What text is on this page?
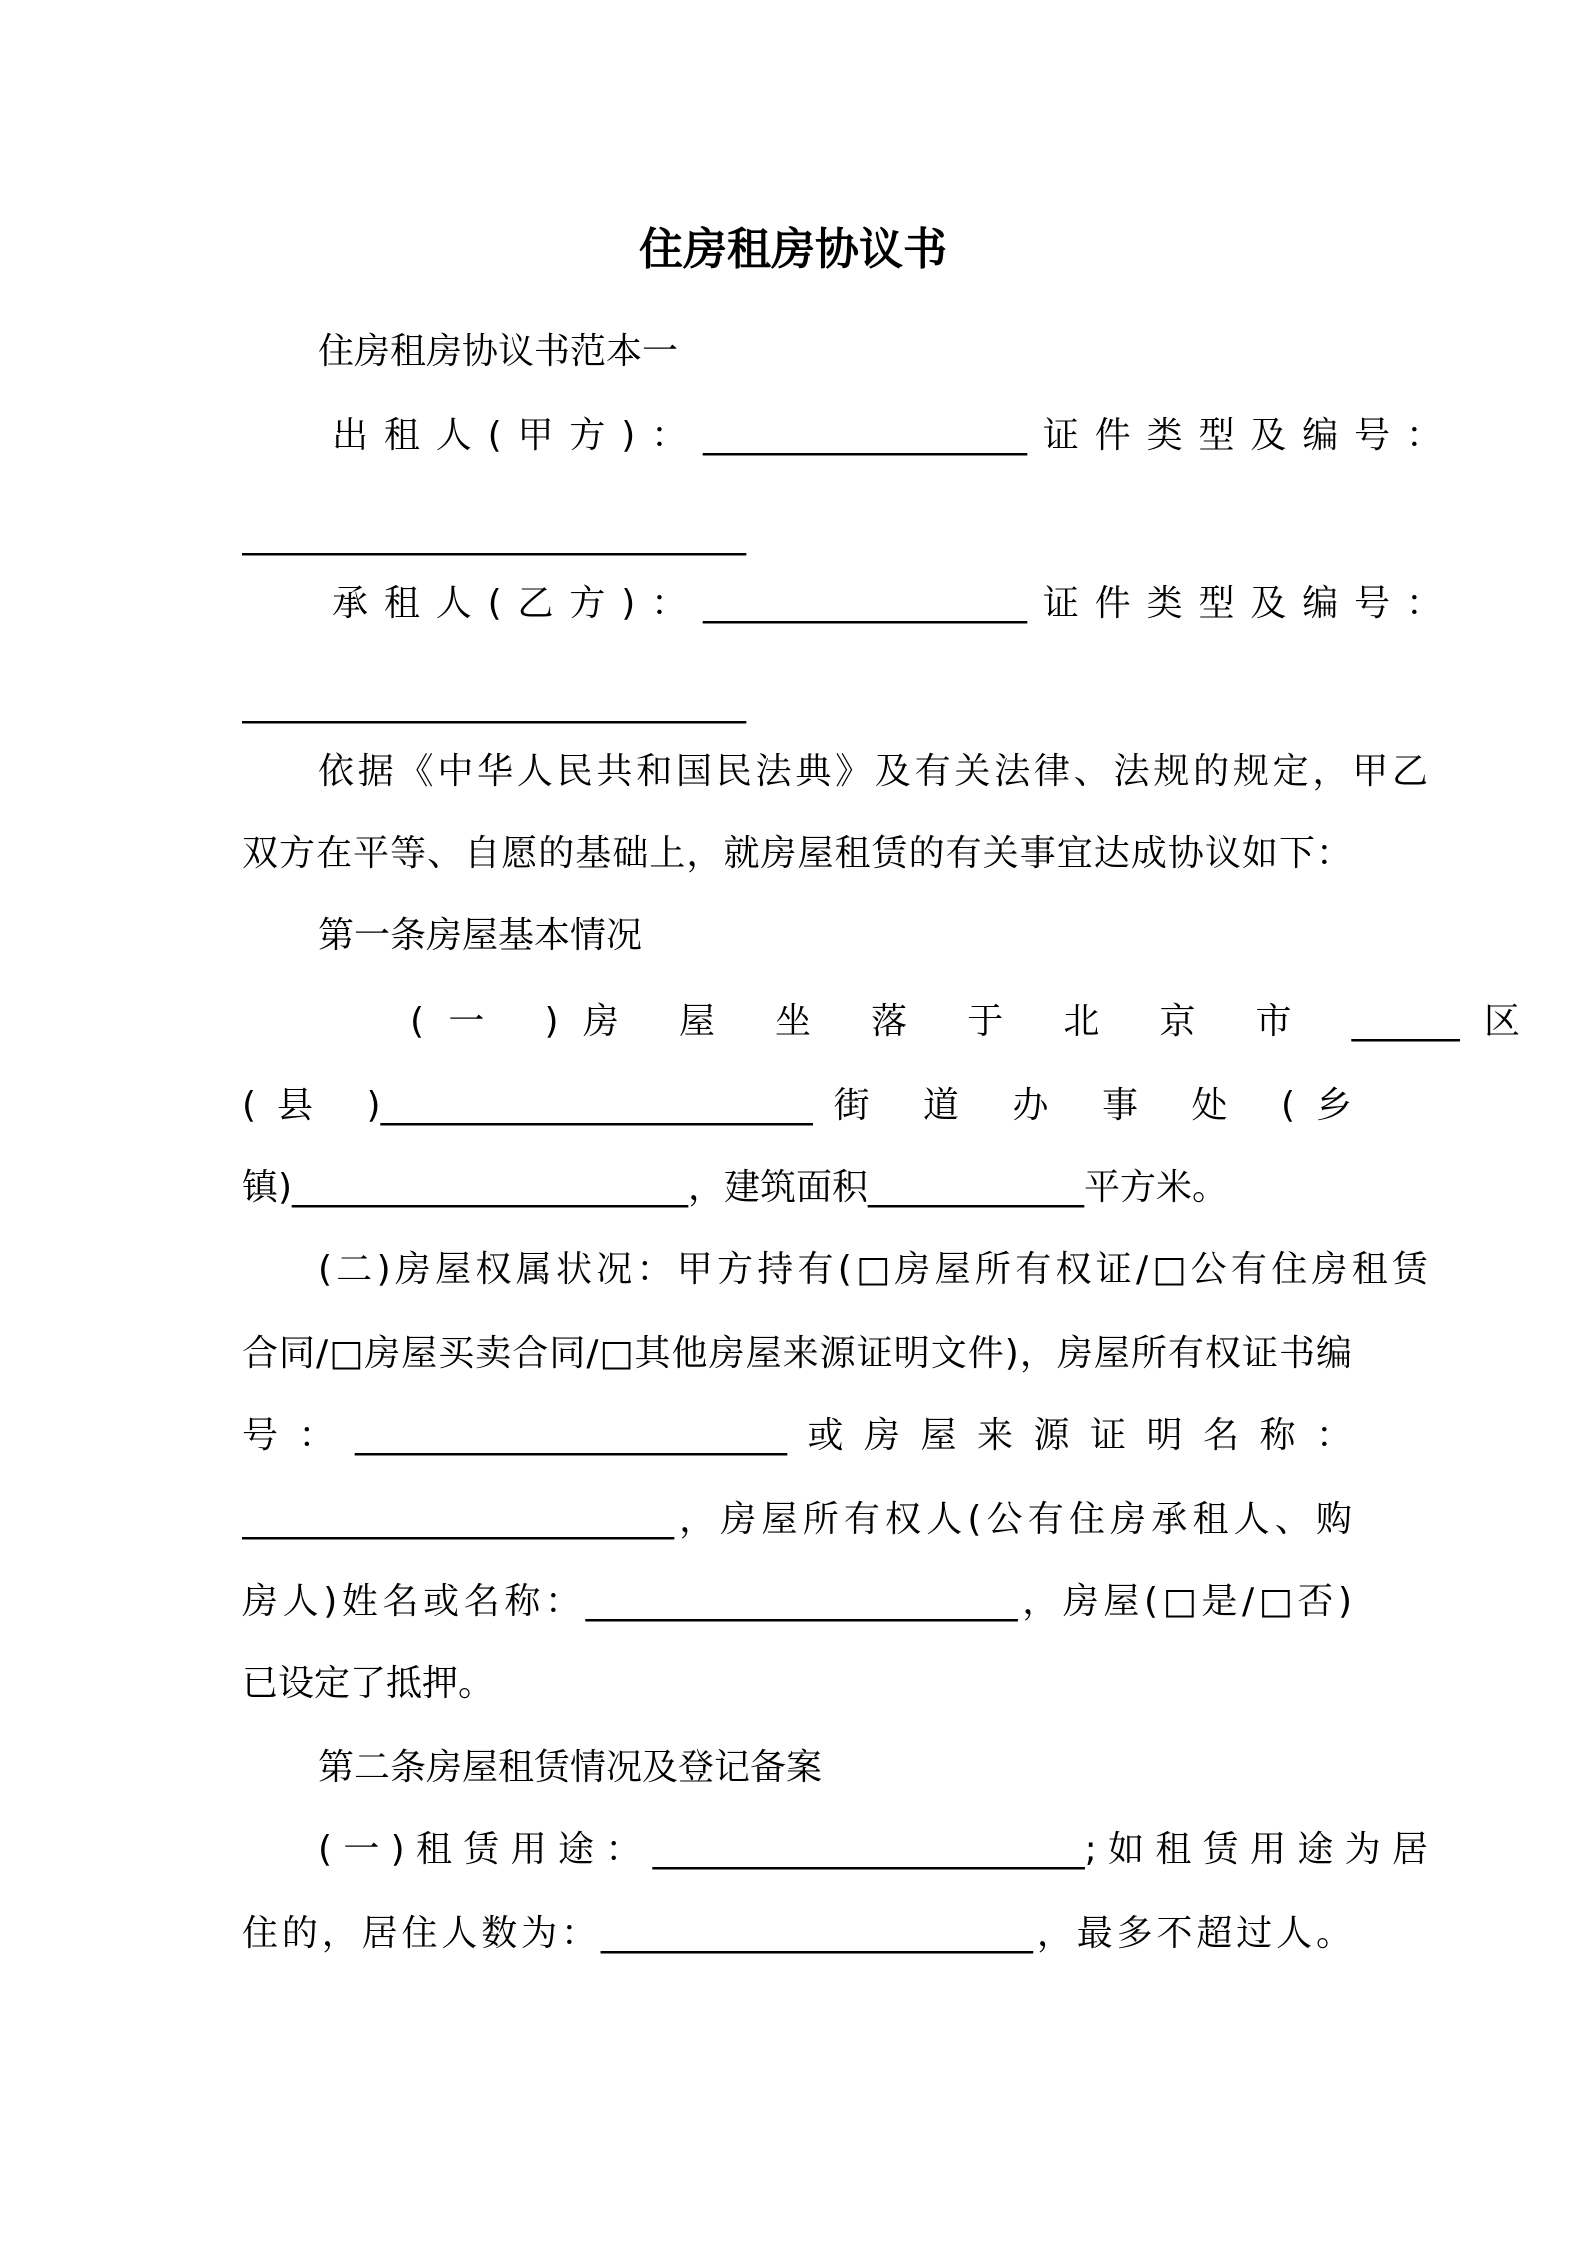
住房租房协议书

住房租房协议书范本一

出租人(甲方)：__________________证件类型及编号：

____________________________

承租人(乙方)：__________________证件类型及编号：

____________________________

依据《中华人民共和国民法典》及有关法律、法规的规定，甲乙

双方在平等、自愿的基础上，就房屋租赁的有关事宜达成协议如下：

第一条房屋基本情况

(一 )房 屋 坐 落 于 北 京 市 ______区

(县 )________________________街 道 办 事 处 (乡

镇)______________________，建筑面积____________平方米。

(二)房屋权属状况：甲方持有(□房屋所有权证/□公有住房租赁

合同/□房屋买卖合同/□其他房屋来源证明文件)，房屋所有权证书编

号：________________________或房屋来源证明名称：

________________________，房屋所有权人(公有住房承租人、购

房人)姓名或名称：________________________，房屋(□是/□否)

已设定了抵押。

第二条房屋租赁情况及登记备案

(一)租赁用途：________________________;如租赁用途为居

住的，居住人数为：________________________，最多不超过人。
